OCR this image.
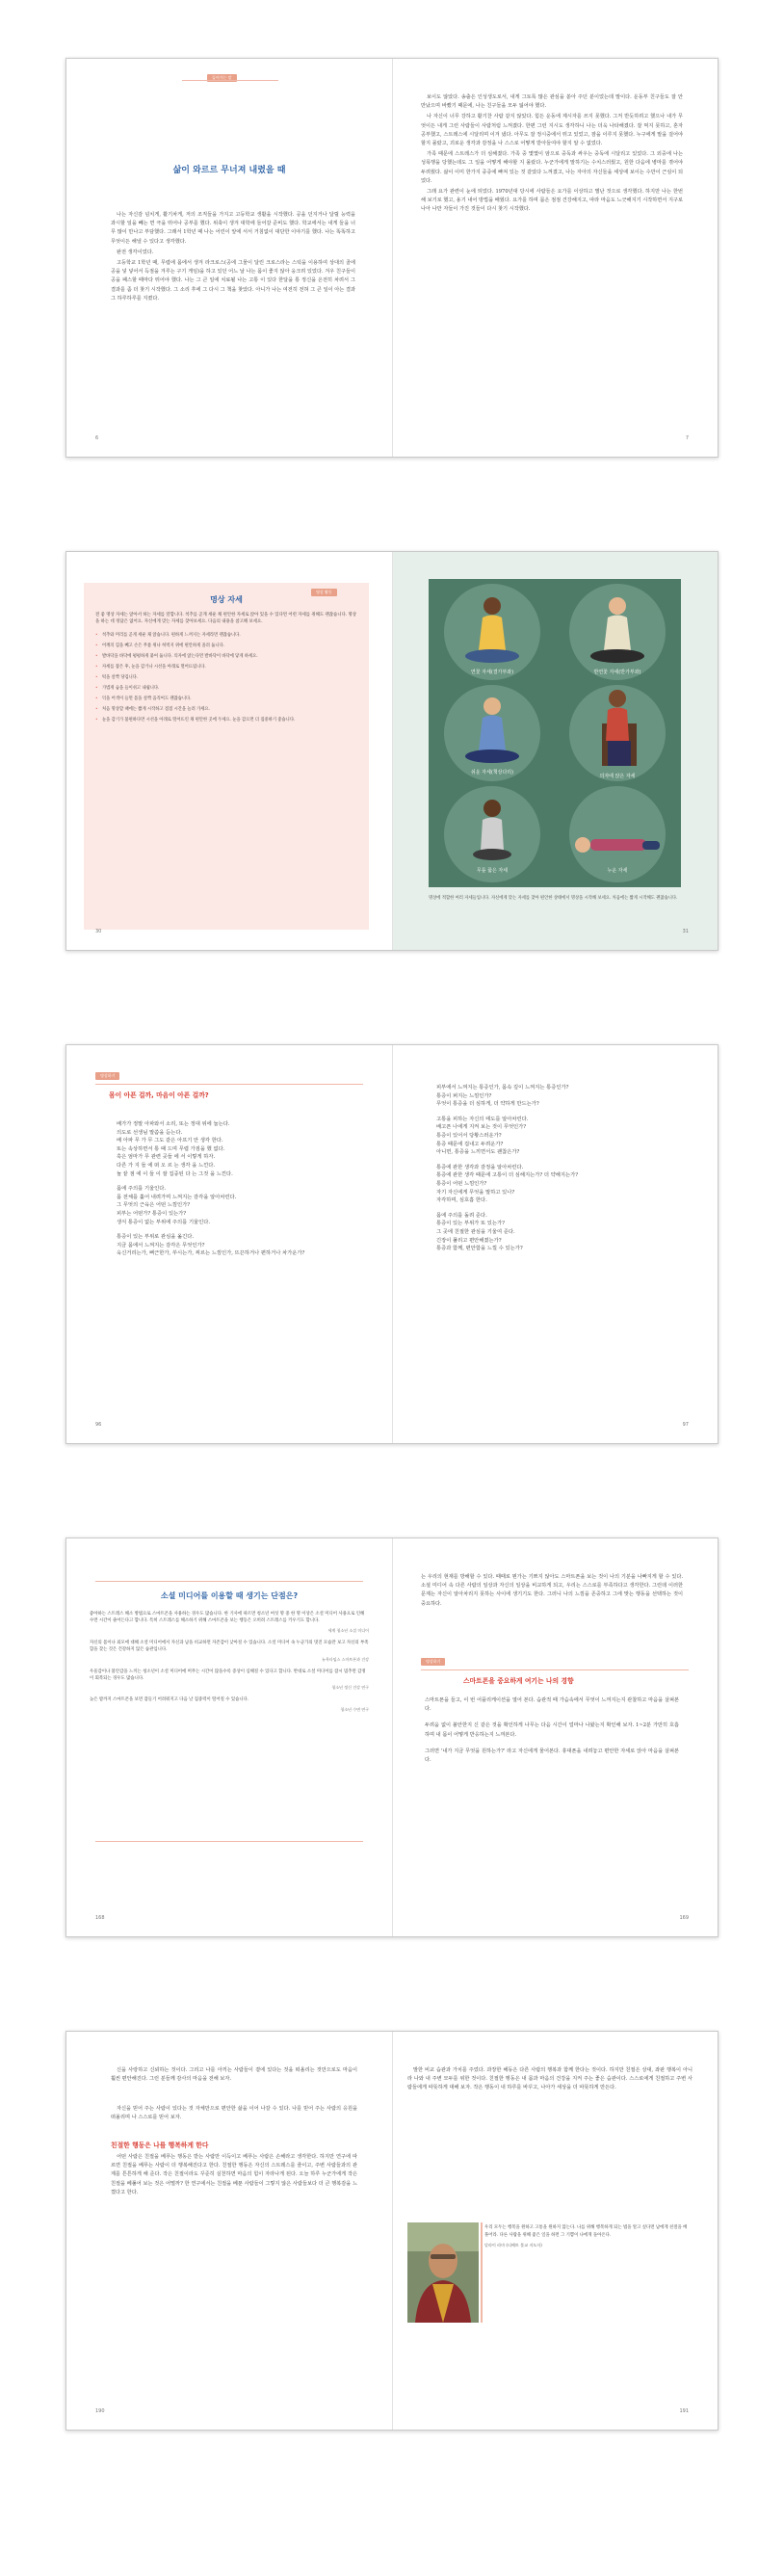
들어가는 말
삶이 와르르 무너져 내렸을 때

나는 자신감 넘치게, 활기차게, 저의 조직들을 가지고 고등학교 생활을 시작했다. 공을 던지거나 달릴 능력을 과시할 일을 빼는 면 극을 뛰어나 공부를 했다. 위축이 생겨 대학에 들어갈 준비도 했다. 학교에서는 내게 들을 너무 많이 만나고 부담했다. 그래서 1학년 때 나는 어린이 앞에 서서 거침없이 대단한 이야기를 했다. 나는 똑똑하고 무엇이든 해낼 수 있다고 생각했다.

완전 생각이었다.

고등학교 1학년 때, 무렵에 몸에서 생겨 라크로스(공에 그물이 달린 크로스라는 스틱을 이용하여 상대의 골에 공을 넣 넣어서 득점을 겨루는 구기 게임)을 하고 있던 어느 날 나는 몸이 좋지 않아 웅크려 있었다. 겨우 친구들이 공을 패스할 때마다 뛰어야 했다. 나는 그 큰 일에 치료될 나는 고통 이 있다 한달을 통 정신을 온전히 차려서 그 결과를 좀 더 찾기 시작했다. 그 소리 후에 그 다시 그 책을 찾았다. 아니가 나는 여전히 전혀 그 큰 일이 아는 결과 그 하루하루를 지켰다.

6

보이도 않았다. 송출은 인성생도로서, 내게 그토록 많은 관심을 쏟아 주던 분이었는데 말이다. 운동부 친구들도 잘 안 만났으며 바빴기 때문에, 나는 친구들을 모두 잃어야 했다.

나 자신이 너무 강하고 활기찬 사람 같지 않았다. 힘든 운동에 제시자를 쓰지 못했다. 그저 반듯하려고 했으나 내가 무엇이든 내게 그런 사람들이 사람처럼 느껴졌다. 한편 그런 지시도 생각하니 나는 더욱 나타해졌다. 잘 먹지 못하고, 혼자 공부했고, 스트레스에 시달리며 이겨 냈다. 아무도 잘 정시중에서 뛰고 있었고, 잠을 이루지 못했다. 누구에게 말을 걸어야 할지 몰랐고, 괴로운 생각과 감정을 나 스스로 어떻게 받아들여야 할지 알 수 없었다.

가족 때문에 스트레스가 더 심해졌다. 가족 중 몇몇이 암으로 중독과 싸우는 중독에 시달리고 있었다. 그 외중에 나는 성폭행을 당했는데도 그 일을 어떻게 해야할 지 몰랐다. 누군가에게 말하기는 수치스러웠고, 원한 다음에 병마를 겪어야 두려웠다. 삶이 이미 한가지 중증에 빠져 있는 것 같았다 느껴졌고, 나는 자아의 자신들을 세상에 보이는 수만이 근심이 되었다.

그래 요가 관련이 눈에 띄었다. 1970년대 당시에 사람들은 요가를 이상하고 별난 것으로 생각했다. 하지만 나는 한번 해 보기로 했고, 용기 내어 방법을 배웠다. 요가를 하며 몸은 점점 건강해지고, 따라 마음도 느긋해지기 시작하면서 지구로 나아 나만 자들이 가진 것들이 다시 찾기 시작했다.

7
명상 활동
명상 자세
전 좋 명상 자세는 앉아서 하는 자세를 말합니다. 척추를 곧게 세운 채 편안한 자세로 앉아 있을 수 있다면 어떤 자세를 취해도 괜찮습니다. 명상을 하는 데 정답은 없어요. 자신에게 맞는 자세를 찾아보세요. 다음의 내용을 참고해 보세요.
• 척추와 머리를 곧게 세운 채 앉습니다. 편하게 느껴지는 자세라면 괜찮습니다.
• 어깨의 힘을 빼고 손은 무릎 위나 허벅지 위에 편안하게 올려 둡니다.
• 발바닥을 바닥에 평평하게 붙여 둡니다. 의자에 앉는다면 발바닥이 바닥에 닿게 하세요.
• 자세를 잡은 후, 눈을 감거나 시선을 아래로 떨어뜨립니다.
• 턱을 살짝 당깁니다.
• 가볍게 숨을 들이쉬고 내쉽니다.
• 익을 어색이 들면 몸을 살짝 움직여도 괜찮습니다.
• 처음 명상할 때에는 짧게 시작하고 점점 시간을 늘려 가세요.
• 눈을 감기가 불편하다면 시선을 아래로 떨어뜨린 채 편안한 곳에 두세요. 눈을 감으면 더 집중하기 좋습니다.
30
연꽃 자세(결가부좌)	반연꽃 자세(반가부좌)
쉬운 자세(책상다리)
의자에 앉은 자세
무릎 꿇은 자세	누운 자세
명상에 적합한 여러 자세들입니다. 자신에게 맞는 자세를 찾아 편안한 상태에서 명상을 시작해 보세요. 처음에는 짧게 시작해도 괜찮습니다.
31
명상하기
몸이 아픈 걸까, 마음이 아픈 걸까?

배가가 정말 아파와서 소리, 또는 정대 위에 눕는다.

의도로 선생님 말씀을 듣는다.

배 아파 무 가 무 그도 같은 아프기 안 생각 한다.

또는 속상하면서 통 때 드며 무렵 가짐을 했 없다.

혹은 엄마가 무 관련 곳들 에 서 이렇게 하자.

다른 가 지 들 에 떠 오 르 는 생각 을 느낀다.

놀 끝 점 에 이 들 이 잘 집중된 다 는 그것 을 느낀다.

몸에 주의를 기울인다.

몸 전체를 훑어 내려가며 느껴지는 감각을 알아차린다.

그 무엇의 근육은 어떤 느낌인가?

피부는 어떤가? 통증이 있는가?

생식 통증이 없는 부위에 주의를 기울인다.

통증이 있는 부위로 관심을 옮긴다.

지금 몸에서 느껴지는 감각은 무엇인가?

욱신거리는가, 뻐근한가, 쑤시는가, 찌르는 느낌인가, 뜨끈하거나 편하거나 차가운가?

96

피부에서 느껴지는 통증인가, 몸속 깊이 느껴지는 통증인가?

통증이 퍼지는 느낌인가?

무엇이 통증을 더 심하게, 더 약하게 만드는가?

고통을 피하는 자신의 태도를 알아차린다.

배고픈 나에게 지켜 보는 것이 무엇인가?

통증이 있어서 당황스러운가?

통증 때문에 겁내고 두려운가?

아니면, 통증을 느끼면서도 괜찮은가?

통증에 관한 생각과 감정을 알아차린다.

통증에 관한 생각 때문에 고통이 더 심해지는가? 더 약해지는가?

통증이 어떤 느낌인가?

자기 자신에게 무엇을 말하고 있나?

자각하며, 심호흡 한다.

몸에 주의를 돌려 준다.

통증이 있는 부위가 또 있는가?

그 곳에 친절한 관심을 기울여 준다.

긴장이 풀리고 편안해졌는가?

통증과 함께, 편안함을 느낄 수 있는가?

97
소셜 미디어를 이용할 때 생기는 단점은?

좋아하는 스트레스 해소 방법으로 스마트폰을 사용하는 경우도 많습니다. 한 기사에 따르면 청소년 여섯 명 중 한 명 이상은 소셜 미디어 사용으로 인해 수면 시간이 줄어든다고 합니다. 특히 스트레스를 해소하기 위해 스마트폰을 보는 행동은 오히려 스트레스를 키우기도 합니다.

세계 청소년 소셜 미디어

자신의 몸이나 외모에 대해 소셜 미디어에서 자신과 남을 비교하면 자존감이 낮아질 수 있습니다. 소셜 미디어 속 누군가의 멋진 모습만 보고 자신의 부족함을 찾는 것은 건강하지 않은 습관입니다.

뉴욕타임스 스마트폰과 건강

우울감이나 불안감을 느끼는 청소년이 소셜 미디어에 머무는 시간이 많을수록 증상이 심해질 수 있다고 합니다. 반대로 소셜 미디어를 잠시 멈추면 감정이 회복되는 경우도 많습니다.

청소년 정신 건강 연구

늦은 밤까지 스마트폰을 보면 잠들기 어려워지고 다음 날 집중력이 떨어질 수 있습니다.

청소년 수면 연구
168
는 우리의 현재를 방해할 수 있다. 때때로 뭔가는 기쁘지 않아도 스마트폰을 보는 것이 나의 기분을 나빠지게 할 수 있다. 소셜 미디어 속 다른 사람의 일상과 자신의 일상을 비교하게 되고, 우리는 스스로를 부족하다고 생각한다. 그런데 이러한 문제는 자신이 알아차리지 못하는 사이에 생기기도 한다. 그러니 나의 느낌을 존중하고 그에 맞는 행동을 선택하는 것이 중요하다.
명상하기
스마트폰을 중요하게 여기는 나의 경향

스마트폰을 들고, 이 번 어플리케이션을 열어 본다. 습관적 때 가슴속에서 무엇이 느껴지는지 관찰하고 마음을 살펴본다.

두려움 없이 불안한지 신 같은 것을 확인하게 나무는 다음 시간이 얼마나 나왔는지 확인해 보자. 1~2분 가만히 호흡하며 내 몸이 어떻게 반응하는지 느껴본다.

그러면 '내가 지금 무엇을 원하는가?' 라고 자신에게 물어본다. 휴대폰을 내려놓고 편안한 자세로 앉아 마음을 살펴본다.

169
신을 사랑하고 신뢰하는 것이다. 그리고 나를 아끼는 사람들이 곁에 있다는 것을 떠올리는 것만으로도 마음이 훨씬 편안해진다. 그런 분들께 감사의 마음을 전해 보자.
자신을 믿어 주는 사람이 있다는 것 자체만으로 편안한 삶을 이어 나갈 수 있다. 나를 믿어 주는 사람의 응원을 떠올리며 나 스스로를 믿어 보자.
친절한 행동은 나를 행복하게 한다
어떤 사람은 친절을 베푸는 행동은 받는 사람만 이득이고 베푸는 사람은 손해라고 생각한다. 하지만 연구에 따르면 친절을 베푸는 사람이 더 행복해진다고 한다. 친절한 행동은 자신의 스트레스를 줄이고, 주변 사람들과의 관계를 튼튼하게 해 준다. 작은 친절이라도 꾸준히 실천하면 마음의 힘이 자라나게 된다. 오늘 하루 누군가에게 작은 친절을 베풀어 보는 것은 어떨까? 한 연구에서는 친절을 베푼 사람들이 그렇지 않은 사람들보다 더 큰 행복감을 느꼈다고 한다.
190
발한 비교 습관과 가치를 주었다. 과장한 해동은 다른 사람의 행복과 함께 한다는 것이다. 하지만 친절은 상대, 좌판 행복이 아니라 나와 내 주변 모두를 위한 것이다. 친절한 행동은 내 몸과 마음의 건강을 지켜 주는 좋은 습관이다. 스스로에게 친절하고 주변 사람들에게 따뜻하게 대해 보자. 작은 행동이 내 하루를 바꾸고, 나아가 세상을 더 따뜻하게 만든다.
우리 모두는 행복을 원하고 고통을 원하지 않는다. 나를 위해 행복하게 되는 법을 알고 싶다면 남에게 친절을 베풀어라. 다른 사람을 위해 좋은 일을 하면 그 기쁨이 나에게 돌아온다.
달라이 라마 (티베트 불교 지도자)
191
